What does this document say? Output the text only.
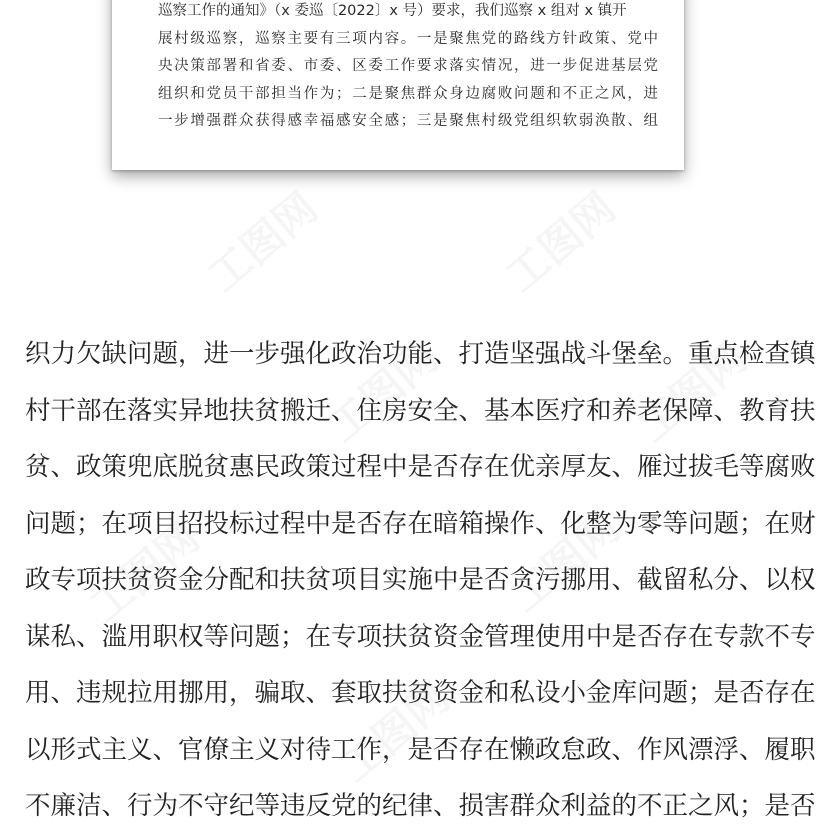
工图网	工图网
工图网	工图网
工图网	工图网
工图网

巡察工作的通知》（x 委巡〔2022〕x 号）要求，我们巡察 x 组对 x 镇开
展村级巡察，巡察主要有三项内容。一是聚焦党的路线方针政策、党中
央决策部署和省委、市委、区委工作要求落实情况，进一步促进基层党
组织和党员干部担当作为；二是聚焦群众身边腐败问题和不正之风，进
一步增强群众获得感幸福感安全感；三是聚焦村级党组织软弱涣散、组

织力欠缺问题，进一步强化政治功能、打造坚强战斗堡垒。重点检查镇
村干部在落实异地扶贫搬迁、住房安全、基本医疗和养老保障、教育扶
贫、政策兜底脱贫惠民政策过程中是否存在优亲厚友、雁过拔毛等腐败
问题；在项目招投标过程中是否存在暗箱操作、化整为零等问题；在财
政专项扶贫资金分配和扶贫项目实施中是否贪污挪用、截留私分、以权
谋私、滥用职权等问题；在专项扶贫资金管理使用中是否存在专款不专
用、违规拉用挪用，骗取、套取扶贫资金和私设小金库问题；是否存在
以形式主义、官僚主义对待工作，是否存在懒政怠政、作风漂浮、履职
不廉洁、行为不守纪等违反党的纪律、损害群众利益的不正之风；是否
